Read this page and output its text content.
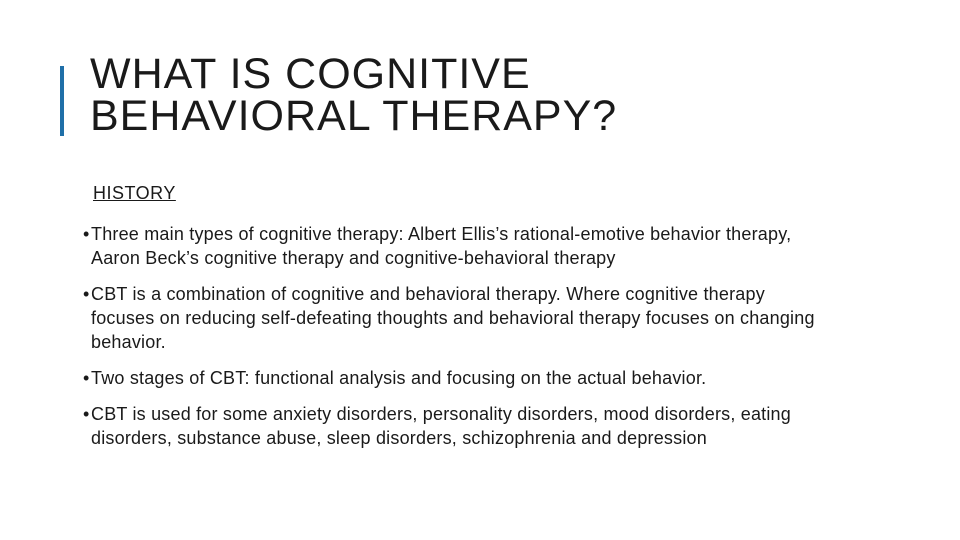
WHAT IS COGNITIVE
BEHAVIORAL THERAPY?
HISTORY
• Three main types of cognitive therapy: Albert Ellis’s rational-emotive behavior therapy, Aaron Beck’s cognitive therapy and cognitive-behavioral therapy
• CBT is a combination of cognitive and behavioral therapy. Where cognitive therapy focuses on reducing self-defeating thoughts and behavioral therapy focuses on changing behavior.
• Two stages of CBT: functional analysis and focusing on the actual behavior.
• CBT is used for some anxiety disorders, personality disorders, mood disorders, eating disorders, substance abuse, sleep disorders, schizophrenia and depression
